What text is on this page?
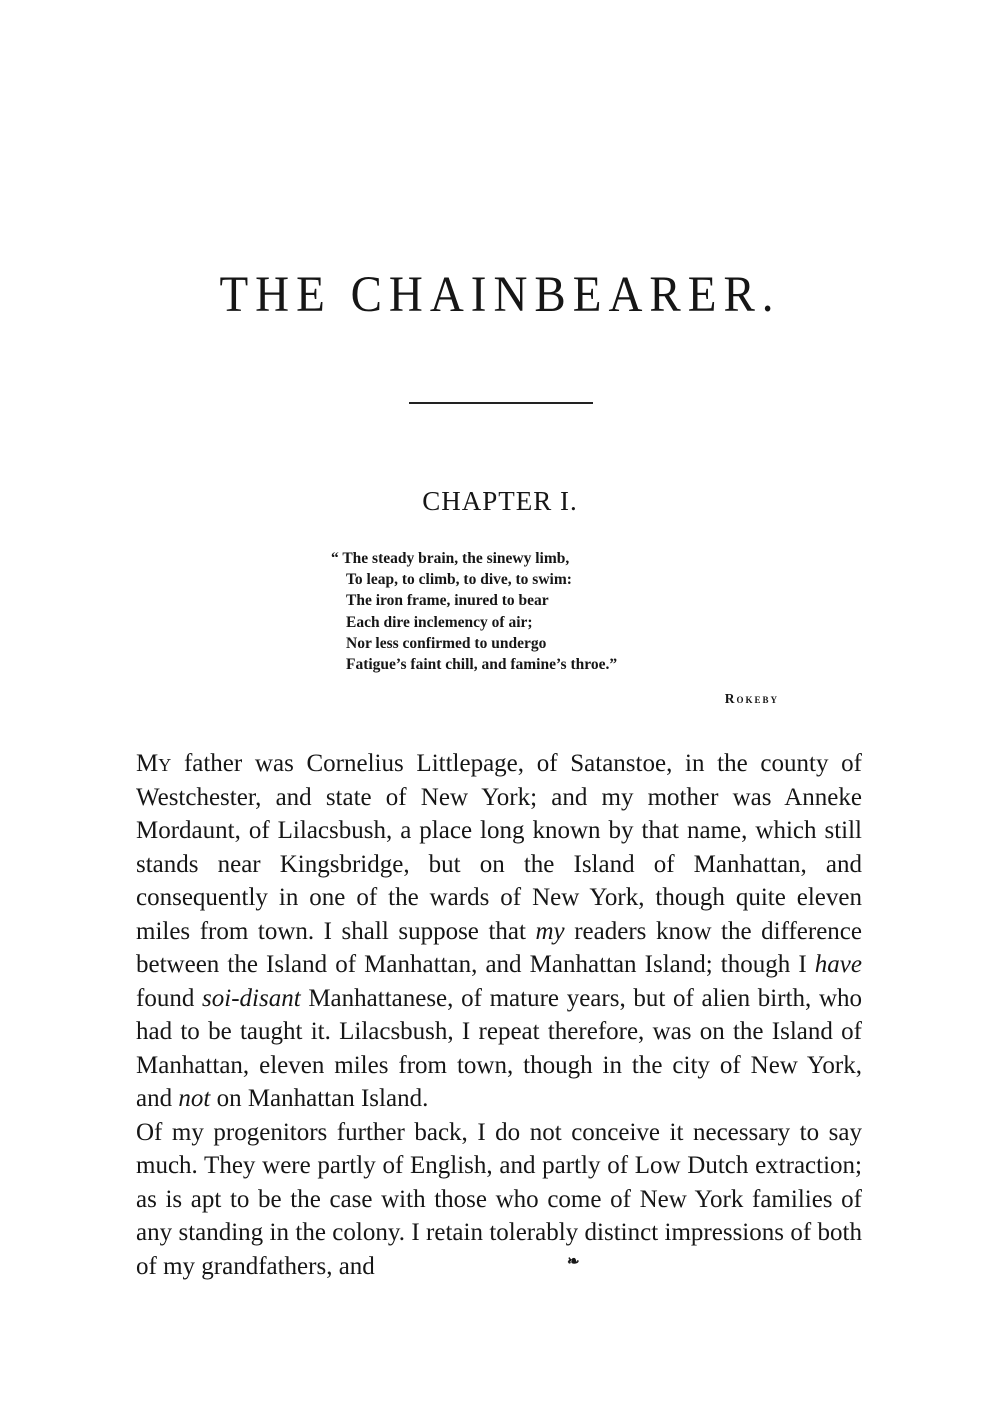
THE CHAINBEARER.
CHAPTER I.
“ The steady brain, the sinewy limb,
To leap, to climb, to dive, to swim:
The iron frame, inured to bear
Each dire inclemency of air;
Nor less confirmed to undergo
Fatigue’s faint chill, and famine’s throe.”
Rokeby

My father was Cornelius Littlepage, of Satanstoe, in the county of Westchester, and state of New York; and my mother was Anneke Mordaunt, of Lilacsbush, a place long known by that name, which still stands near Kingsbridge, but on the Island of Manhattan, and consequently in one of the wards of New York, though quite eleven miles from town. I shall suppose that my readers know the difference between the Island of Manhattan, and Manhattan Island; though I have found soi-disant Manhattanese, of mature years, but of alien birth, who had to be taught it. Lilacsbush, I repeat therefore, was on the Island of Manhattan, eleven miles from town, though in the city of New York, and not on Manhattan Island.

Of my progenitors further back, I do not conceive it necessary to say much. They were partly of English, and partly of Low Dutch extraction; as is apt to be the case with those who come of New York families of any standing in the colony. I retain tolerably distinct impressions of both of my grandfathers, and	❧
